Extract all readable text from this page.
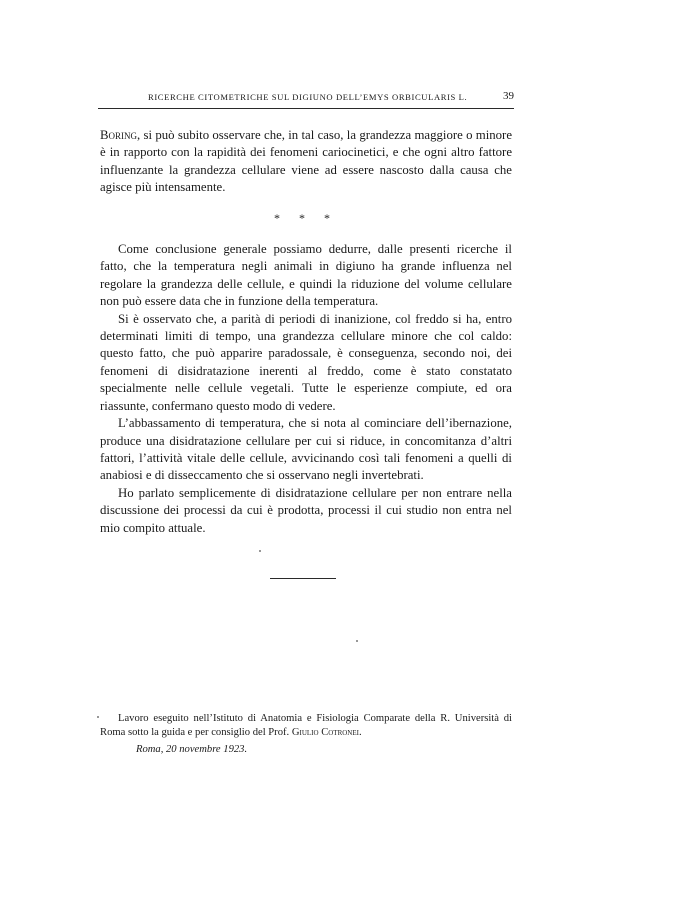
RICERCHE CITOMETRICHE SUL DIGIUNO DELL’EMYS ORBICULARIS L.	39

Boring, si può subito osservare che, in tal caso, la grandezza maggiore o minore è in rapporto con la rapidità dei fenomeni cariocinetici, e che ogni altro fattore influenzante la grandezza cellulare viene ad essere nascosto dalla causa che agisce più intensamente.

* * *

Come conclusione generale possiamo dedurre, dalle presenti ricerche il fatto, che la temperatura negli animali in digiuno ha grande influenza nel regolare la grandezza delle cellule, e quindi la riduzione del volume cellulare non può essere data che in funzione della temperatura.

Si è osservato che, a parità di periodi di inanizione, col freddo si ha, entro determinati limiti di tempo, una grandezza cellulare minore che col caldo: questo fatto, che può apparire paradossale, è conseguenza, secondo noi, dei fenomeni di disidratazione inerenti al freddo, come è stato constatato specialmente nelle cellule vegetali. Tutte le esperienze compiute, ed ora riassunte, confermano questo modo di vedere.

L’abbassamento di temperatura, che si nota al cominciare dell’ibernazione, produce una disidratazione cellulare per cui si riduce, in concomitanza d’altri fattori, l’attività vitale delle cellule, avvicinando così tali fenomeni a quelli di anabiosi e di disseccamento che si osservano negli invertebrati.

Ho parlato semplicemente di disidratazione cellulare per non entrare nella discussione dei processi da cui è prodotta, processi il cui studio non entra nel mio compito attuale.

Lavoro eseguito nell’Istituto di Anatomia e Fisiologia Comparate della R. Università di Roma sotto la guida e per consiglio del Prof. Giulio Cotronei.

Roma, 20 novembre 1923.
